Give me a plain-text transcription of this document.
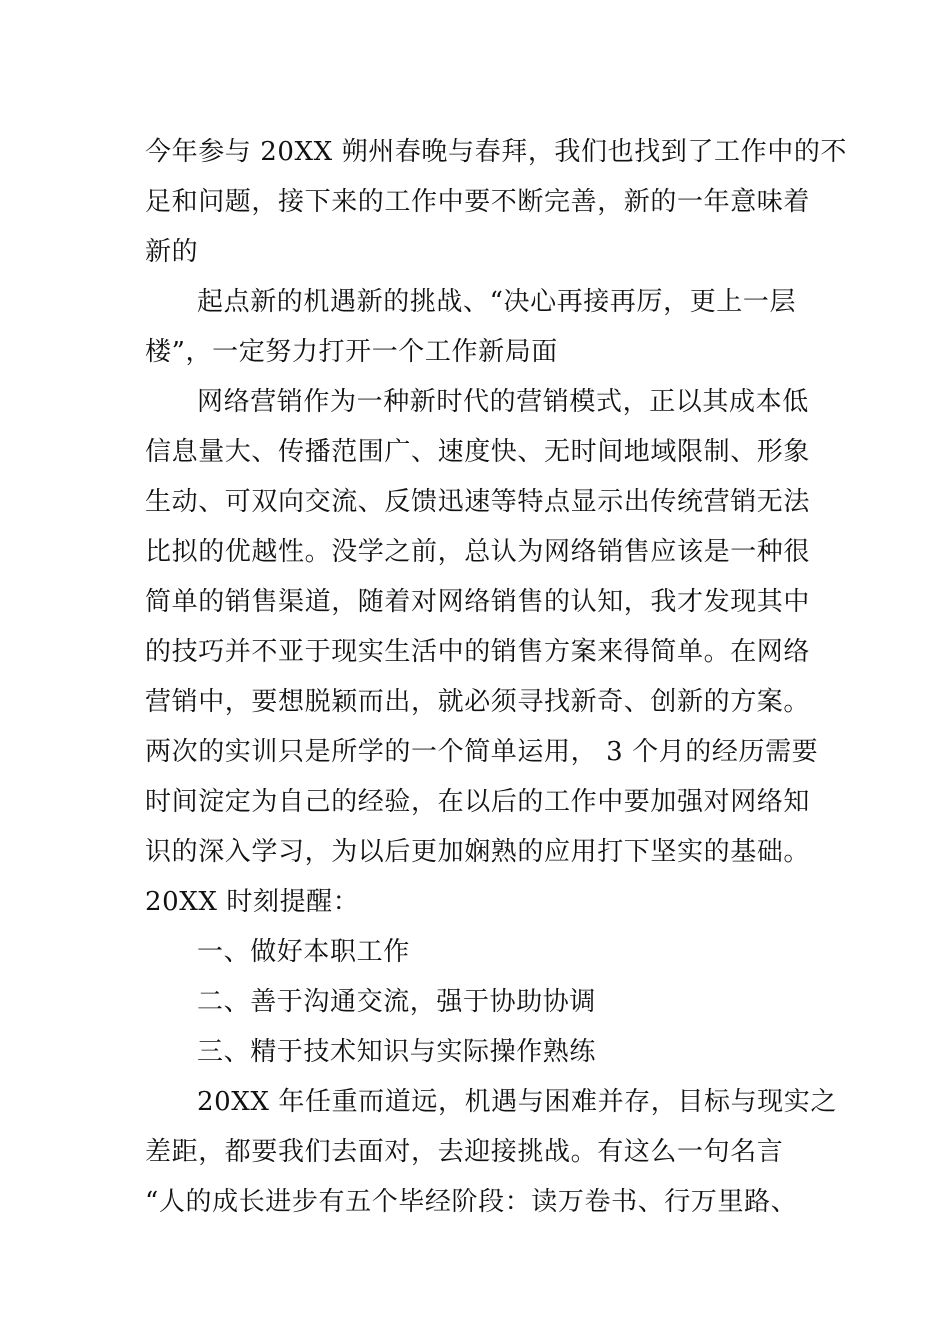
今年参与 20XX 朔州春晚与春拜，我们也找到了工作中的不

足和问题，接下来的工作中要不断完善，新的一年意味着

新的

起点新的机遇新的挑战、“决心再接再厉，更上一层

楼”，一定努力打开一个工作新局面

网络营销作为一种新时代的营销模式，正以其成本低

信息量大、传播范围广、速度快、无时间地域限制、形象

生动、可双向交流、反馈迅速等特点显示出传统营销无法

比拟的优越性。没学之前，总认为网络销售应该是一种很

简单的销售渠道，随着对网络销售的认知，我才发现其中

的技巧并不亚于现实生活中的销售方案来得简单。在网络

营销中，要想脱颖而出，就必须寻找新奇、创新的方案。

两次的实训只是所学的一个简单运用， 3 个月的经历需要

时间淀定为自己的经验，在以后的工作中要加强对网络知

识的深入学习，为以后更加娴熟的应用打下坚实的基础。

20XX 时刻提醒：

一、做好本职工作

二、善于沟通交流，强于协助协调

三、精于技术知识与实际操作熟练

20XX 年任重而道远，机遇与困难并存，目标与现实之

差距，都要我们去面对，去迎接挑战。有这么一句名言

“人的成长进步有五个毕经阶段：读万卷书、行万里路、
